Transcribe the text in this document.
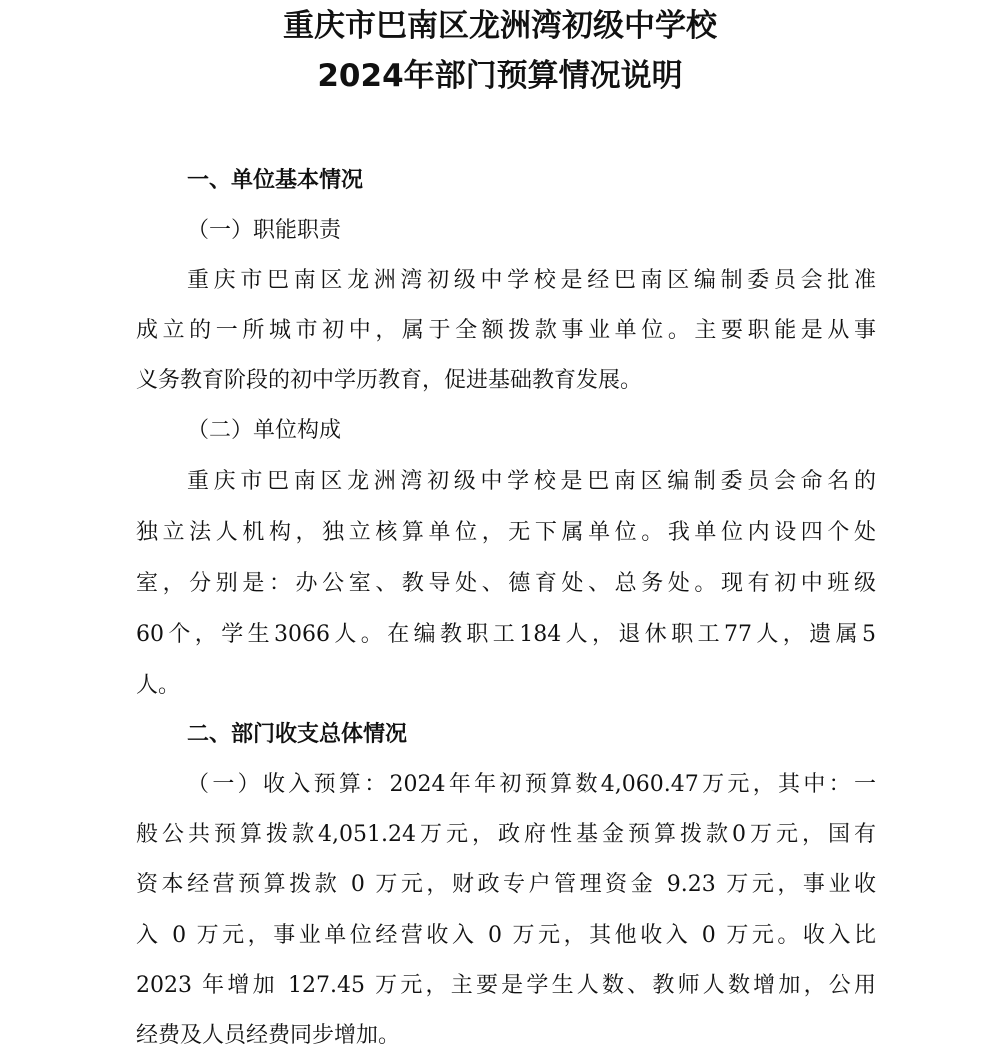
重庆市巴南区龙洲湾初级中学校
2024年部门预算情况说明
一、单位基本情况
（一）职能职责
重庆市巴南区龙洲湾初级中学校是经巴南区编制委员会批准
成立的一所城市初中，属于全额拨款事业单位。主要职能是从事
义务教育阶段的初中学历教育，促进基础教育发展。
（二）单位构成
重庆市巴南区龙洲湾初级中学校是巴南区编制委员会命名的
独立法人机构，独立核算单位，无下属单位。我单位内设四个处
室，分别是：办公室、教导处、德育处、总务处。现有初中班级
60个，学生3066人。在编教职工184人，退休职工77人，遗属5
人。
二、部门收支总体情况
（一）收入预算：2024年年初预算数4,060.47万元，其中：一
般公共预算拨款4,051.24万元，政府性基金预算拨款0万元，国有
资本经营预算拨款 0 万元，财政专户管理资金 9.23 万元，事业收
入 0 万元，事业单位经营收入 0 万元，其他收入 0 万元。收入比
2023 年增加 127.45 万元，主要是学生人数、教师人数增加，公用
经费及人员经费同步增加。
